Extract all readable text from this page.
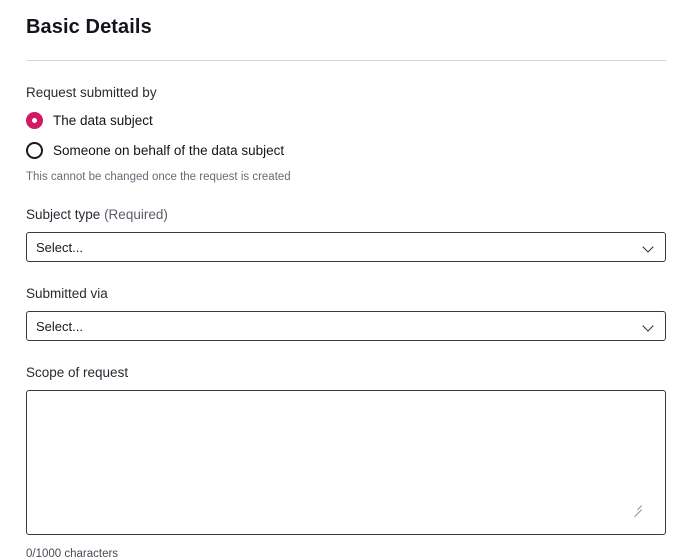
Basic Details
Request submitted by
The data subject
Someone on behalf of the data subject
This cannot be changed once the request is created
Subject type (Required)
Select...
Submitted via
Select...
Scope of request
0/1000 characters
